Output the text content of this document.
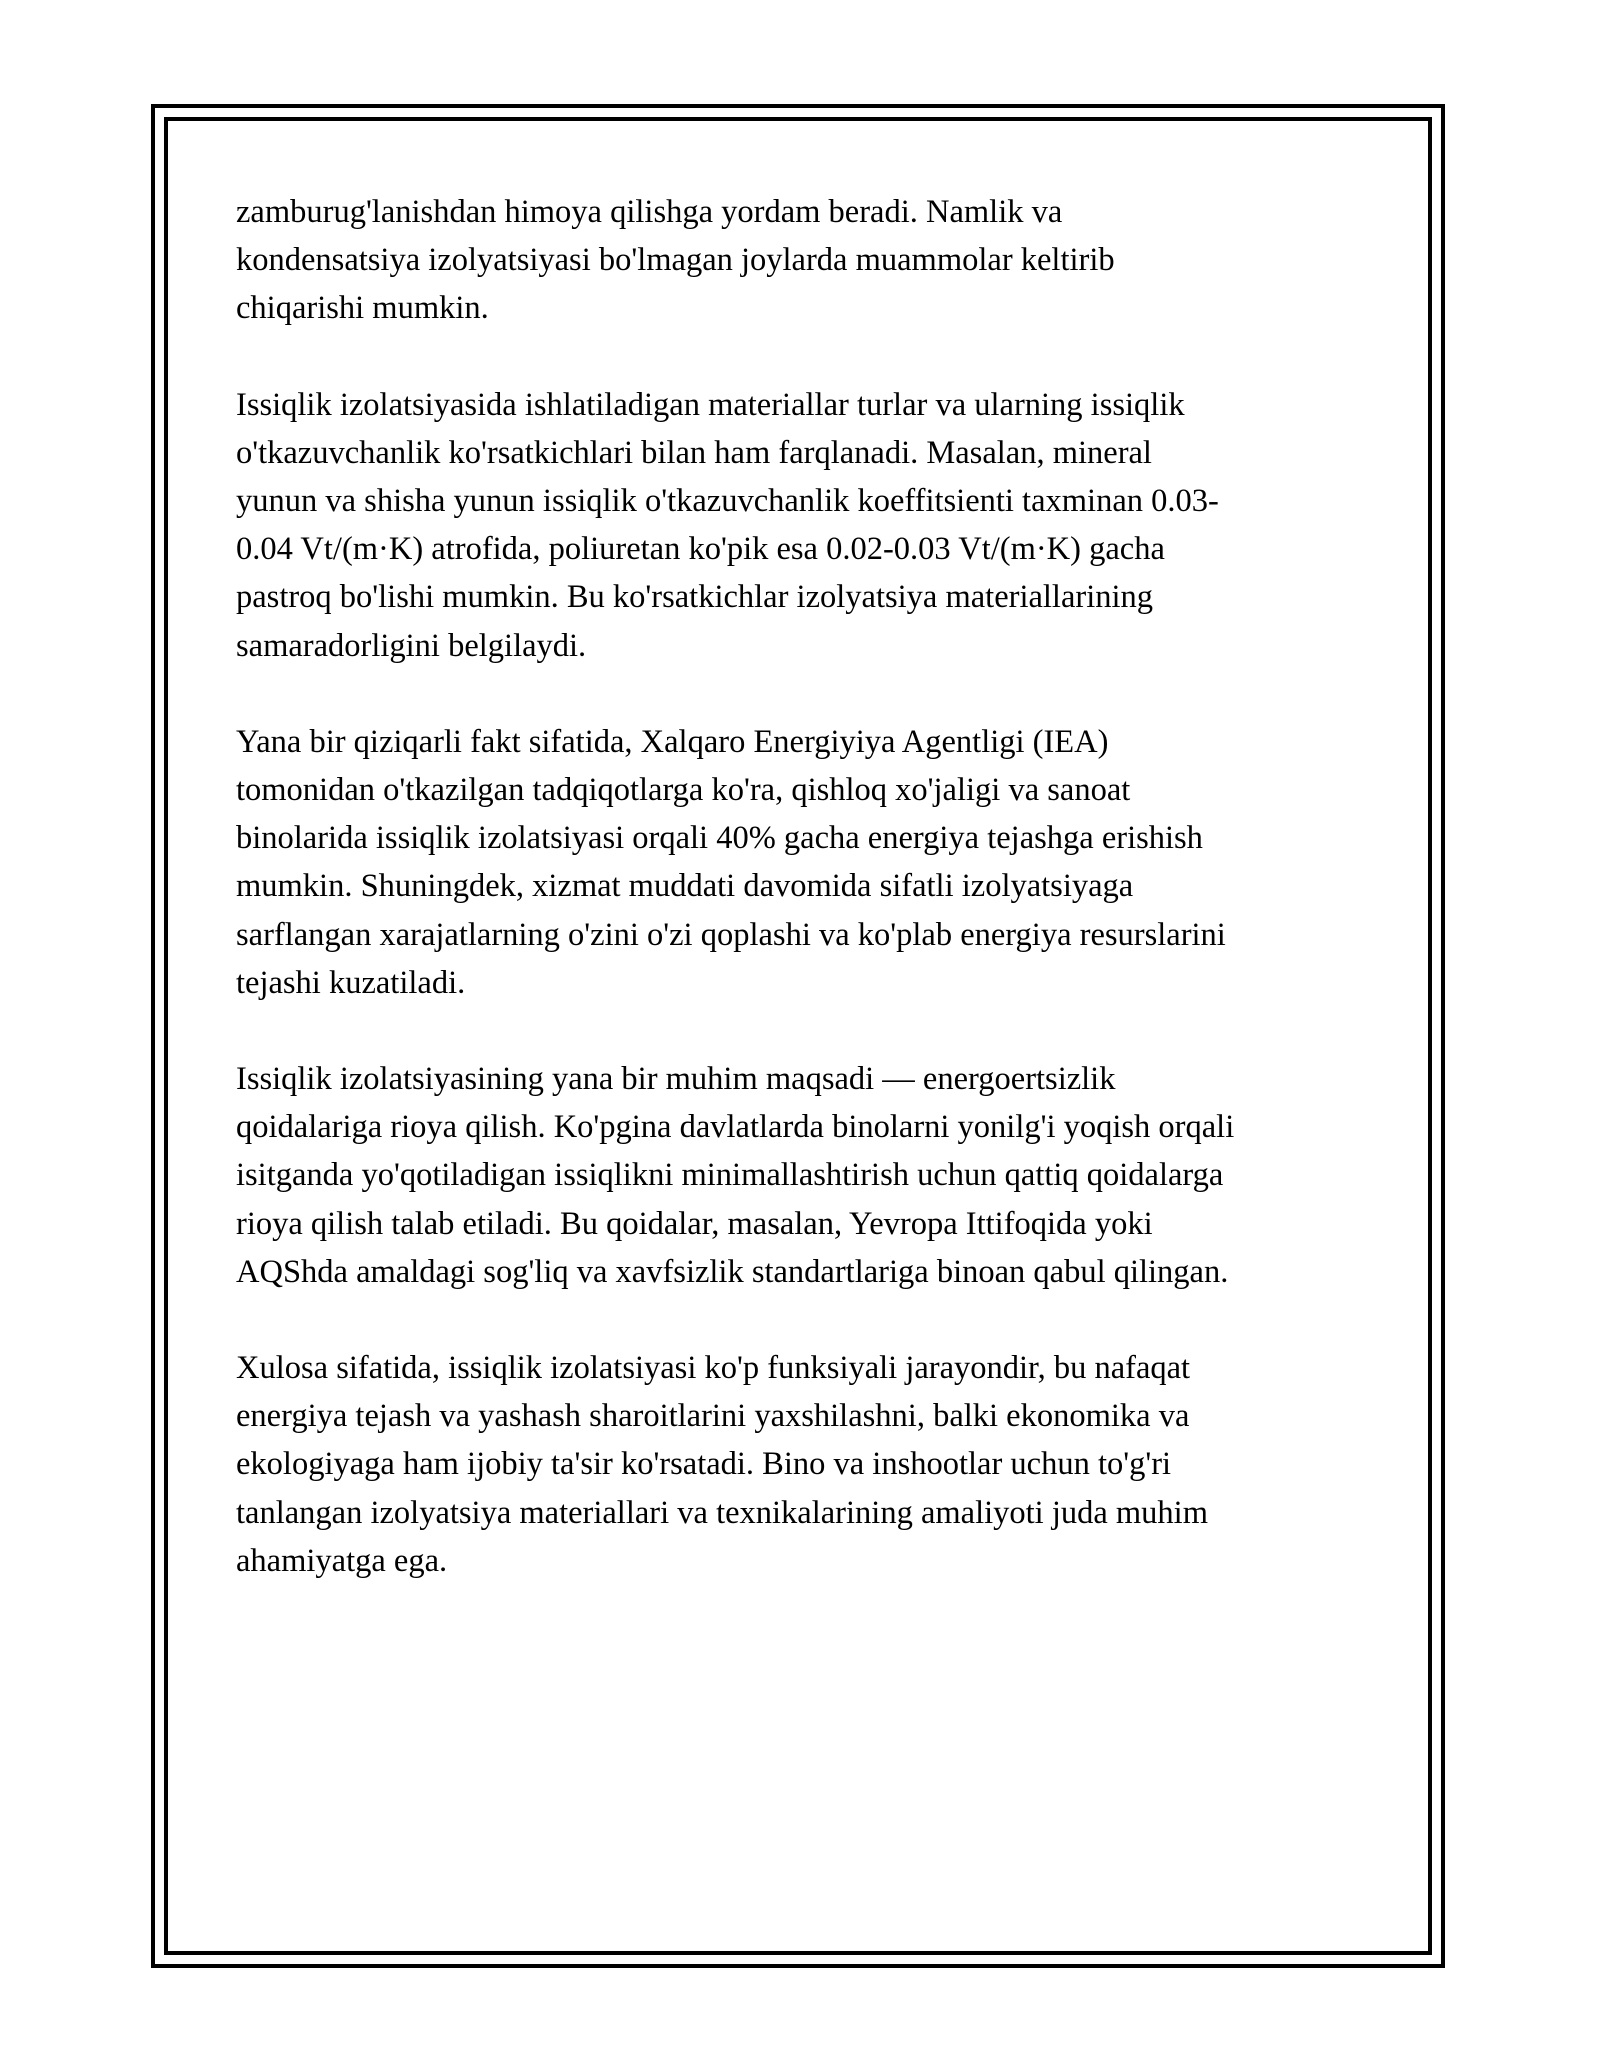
zamburug'lanishdan himoya qilishga yordam beradi. Namlik va
kondensatsiya izolyatsiyasi bo'lmagan joylarda muammolar keltirib
chiqarishi mumkin.

Issiqlik izolatsiyasida ishlatiladigan materiallar turlar va ularning issiqlik
o'tkazuvchanlik ko'rsatkichlari bilan ham farqlanadi. Masalan, mineral
yunun va shisha yunun issiqlik o'tkazuvchanlik koeffitsienti taxminan 0.03-
0.04 Vt/(m·K) atrofida, poliuretan ko'pik esa 0.02-0.03 Vt/(m·K) gacha
pastroq bo'lishi mumkin. Bu ko'rsatkichlar izolyatsiya materiallarining
samaradorligini belgilaydi.

Yana bir qiziqarli fakt sifatida, Xalqaro Energiyiya Agentligi (IEA)
tomonidan o'tkazilgan tadqiqotlarga ko'ra, qishloq xo'jaligi va sanoat
binolarida issiqlik izolatsiyasi orqali 40% gacha energiya tejashga erishish
mumkin. Shuningdek, xizmat muddati davomida sifatli izolyatsiyaga
sarflangan xarajatlarning o'zini o'zi qoplashi va ko'plab energiya resurslarini
tejashi kuzatiladi.

Issiqlik izolatsiyasining yana bir muhim maqsadi — energoertsizlik
qoidalariga rioya qilish. Ko'pgina davlatlarda binolarni yonilg'i yoqish orqali
isitganda yo'qotiladigan issiqlikni minimallashtirish uchun qattiq qoidalarga
rioya qilish talab etiladi. Bu qoidalar, masalan, Yevropa Ittifoqida yoki
AQShda amaldagi sog'liq va xavfsizlik standartlariga binoan qabul qilingan.

Xulosa sifatida, issiqlik izolatsiyasi ko'p funksiyali jarayondir, bu nafaqat
energiya tejash va yashash sharoitlarini yaxshilashni, balki ekonomika va
ekologiyaga ham ijobiy ta'sir ko'rsatadi. Bino va inshootlar uchun to'g'ri
tanlangan izolyatsiya materiallari va texnikalarining amaliyoti juda muhim
ahamiyatga ega.
